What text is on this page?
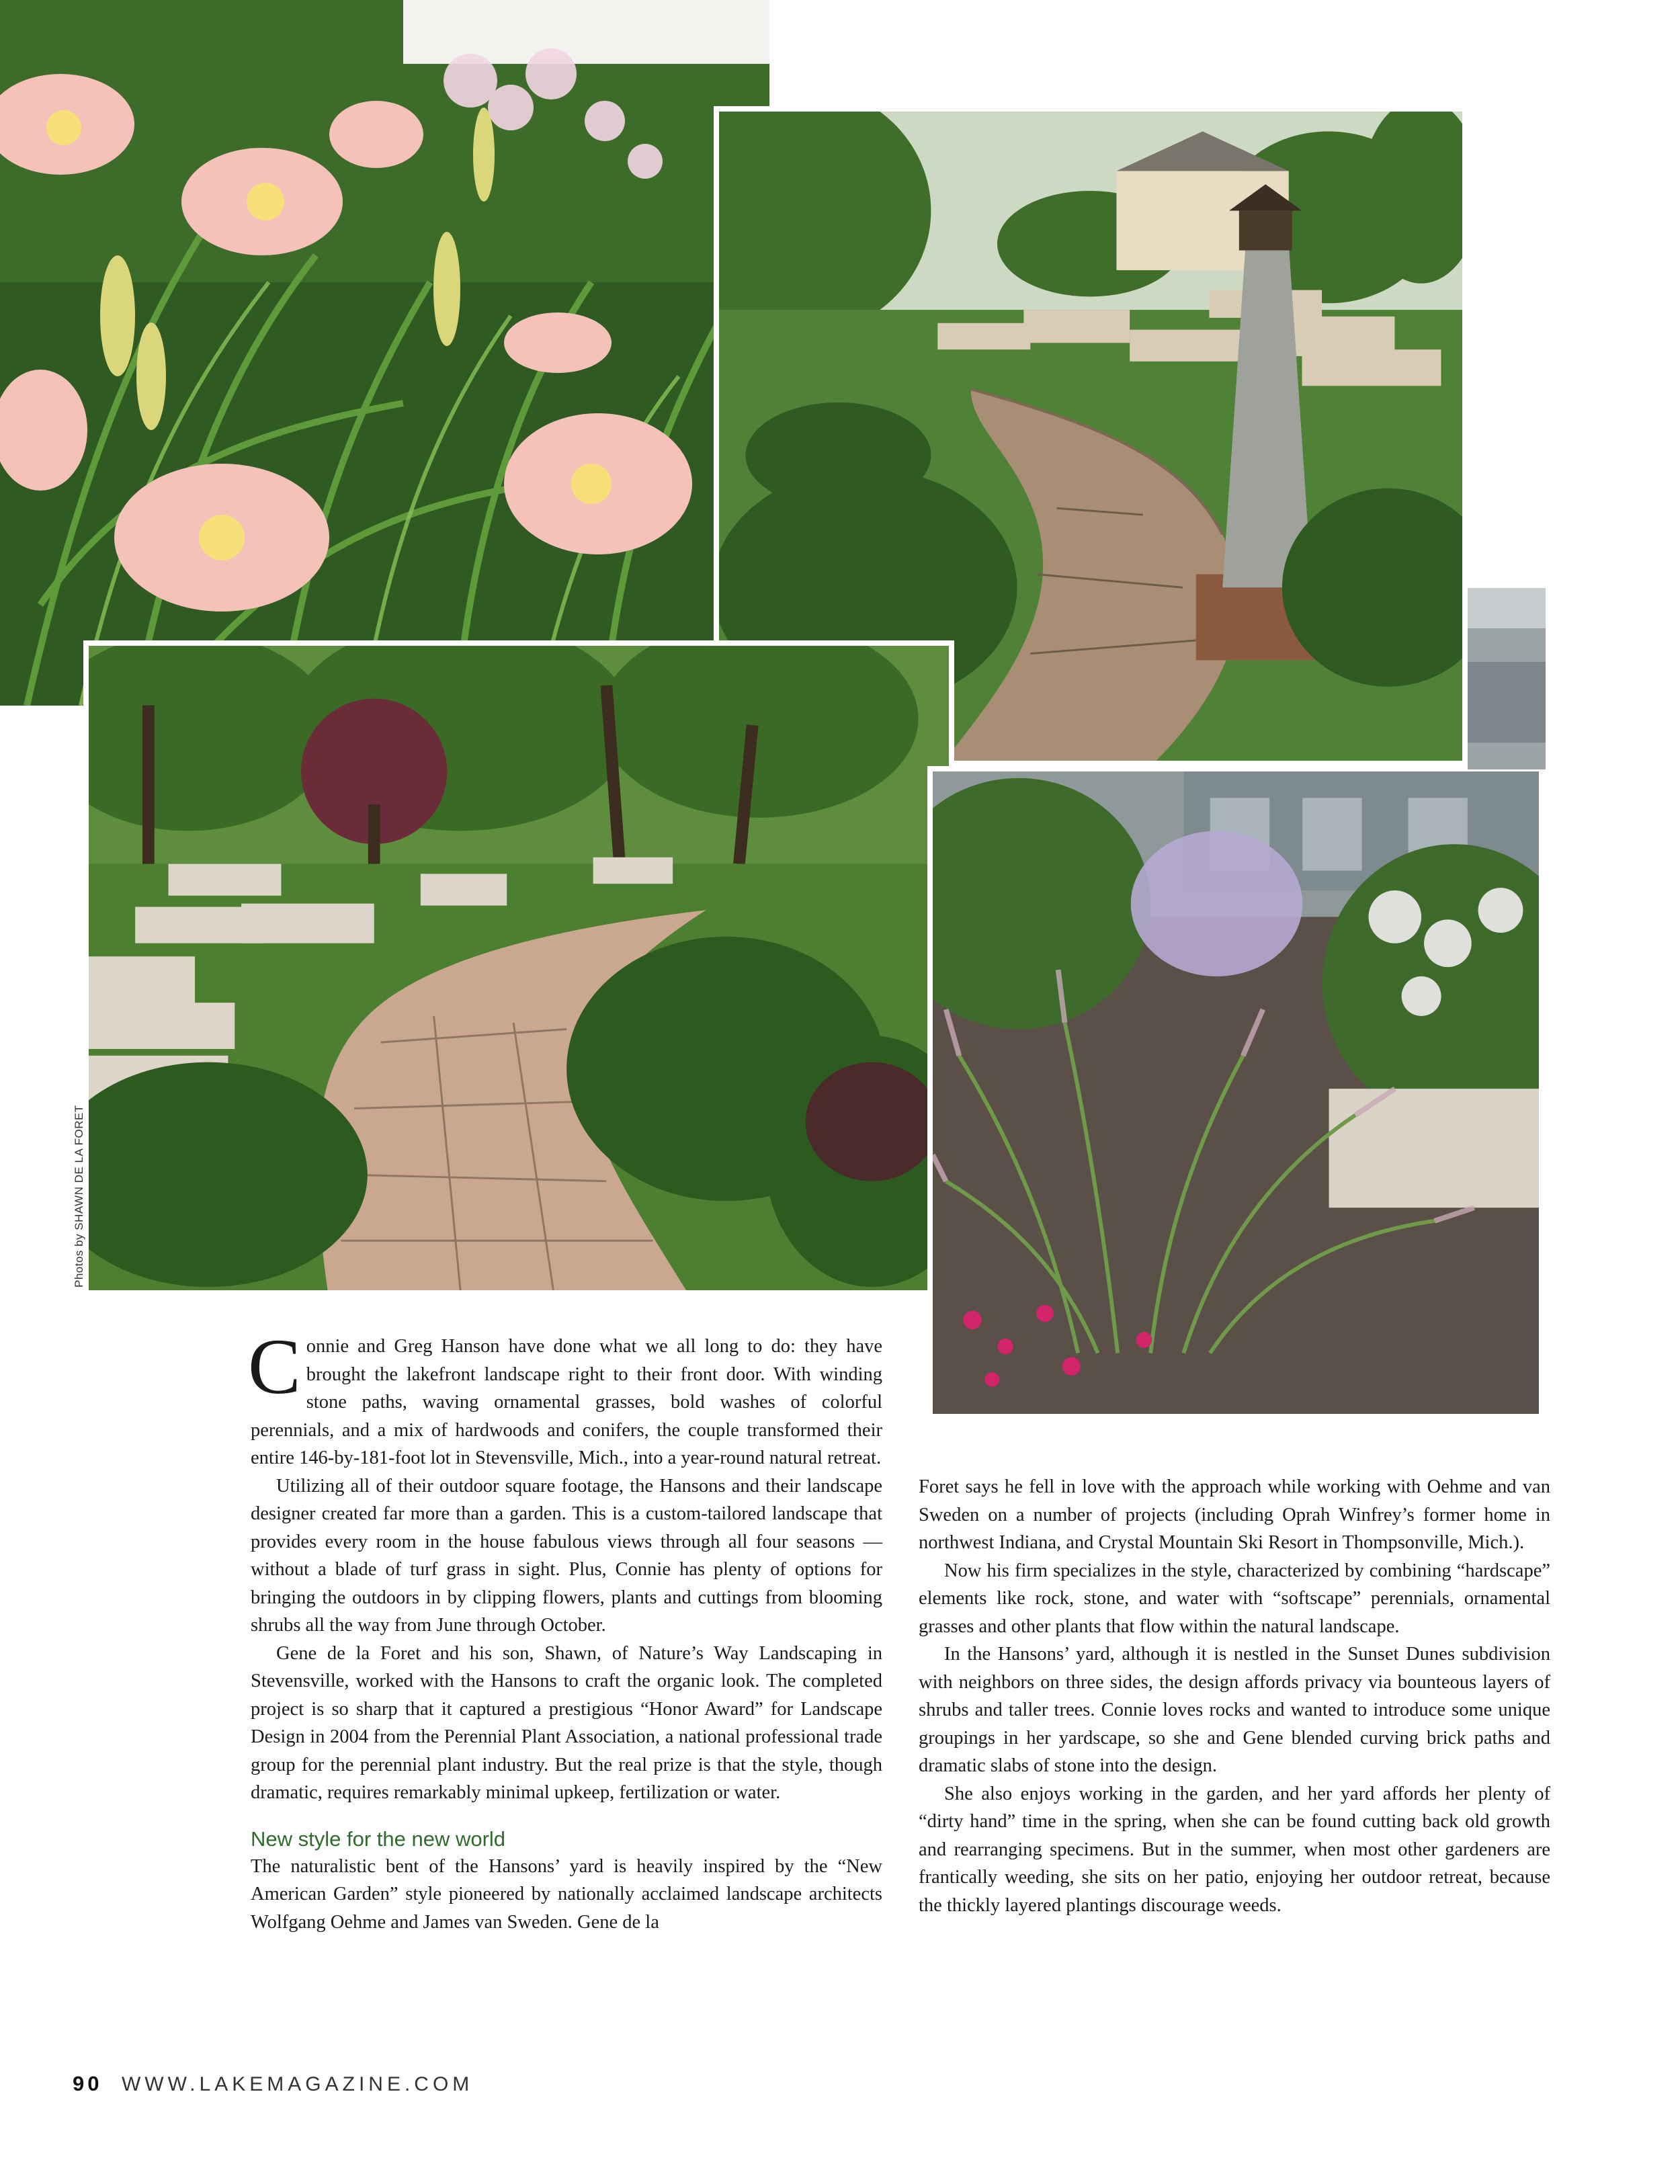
Photos by SHAWN DE LA FORET

Connie and Greg Hanson have done what we all long to do: they have brought the lakefront landscape right to their front door. With winding stone paths, waving ornamental grasses, bold washes of colorful perennials, and a mix of hardwoods and conifers, the couple transformed their entire 146-by-181-foot lot in Stevensville, Mich., into a year-round natural retreat.

Utilizing all of their outdoor square footage, the Hansons and their landscape designer created far more than a garden. This is a custom-tailored landscape that provides every room in the house fabulous views through all four seasons — without a blade of turf grass in sight. Plus, Connie has plenty of options for bringing the outdoors in by clipping flowers, plants and cuttings from blooming shrubs all the way from June through October.

Gene de la Foret and his son, Shawn, of Nature’s Way Landscaping in Stevensville, worked with the Hansons to craft the organic look. The completed project is so sharp that it captured a prestigious “Honor Award” for Landscape Design in 2004 from the Perennial Plant Association, a national professional trade group for the perennial plant industry. But the real prize is that the style, though dramatic, requires remarkably minimal upkeep, fertilization or water.

New style for the new world

The naturalistic bent of the Hansons’ yard is heavily inspired by the “New American Garden” style pioneered by nationally acclaimed landscape architects Wolfgang Oehme and James van Sweden. Gene de la

Foret says he fell in love with the approach while working with Oehme and van Sweden on a number of projects (including Oprah Winfrey’s former home in northwest Indiana, and Crystal Mountain Ski Resort in Thompsonville, Mich.).

Now his firm specializes in the style, characterized by combining “hardscape” elements like rock, stone, and water with “softscape” perennials, ornamental grasses and other plants that flow within the natural landscape.

In the Hansons’ yard, although it is nestled in the Sunset Dunes subdivision with neighbors on three sides, the design affords privacy via bounteous layers of shrubs and taller trees. Connie loves rocks and wanted to introduce some unique groupings in her yardscape, so she and Gene blended curving brick paths and dramatic slabs of stone into the design.

She also enjoys working in the garden, and her yard affords her plenty of “dirty hand” time in the spring, when she can be found cutting back old growth and rearranging specimens. But in the summer, when most other gardeners are frantically weeding, she sits on her patio, enjoying her outdoor retreat, because the thickly layered plantings discourage weeds.

90 WWW.LAKEMAGAZINE.COM
